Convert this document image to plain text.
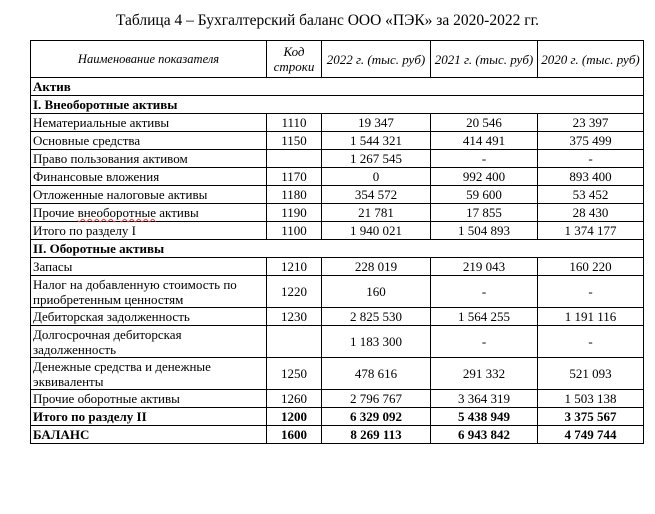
Таблица 4 – Бухгалтерский баланс ООО «ПЭК» за 2020-2022 гг.
Наименование показателя	Код строки	2022 г. (тыс. руб)	2021 г. (тыс. руб)	2020 г. (тыс. руб)
Актив				
I. Внеоборотные активы				
Нематериальные активы	1110	19 347	20 546	23 397
Основные средства	1150	1 544 321	414 491	375 499
Право пользования активом		1 267 545	-	-
Финансовые вложения	1170	0	992 400	893 400
Отложенные налоговые активы	1180	354 572	59 600	53 452
Прочие внеоборотные активы	1190	21 781	17 855	28 430
Итого по разделу I	1100	1 940 021	1 504 893	1 374 177
II. Оборотные активы				
Запасы	1210	228 019	219 043	160 220
Налог на добавленную стоимость по приобретенным ценностям	1220	160	-	-
Дебиторская задолженность	1230	2 825 530	1 564 255	1 191 116
Долгосрочная дебиторская задолженность		1 183 300	-	-
Денежные средства и денежные эквиваленты	1250	478 616	291 332	521 093
Прочие оборотные активы	1260	2 796 767	3 364 319	1 503 138
Итого по разделу II	1200	6 329 092	5 438 949	3 375 567
БАЛАНС	1600	8 269 113	6 943 842	4 749 744
